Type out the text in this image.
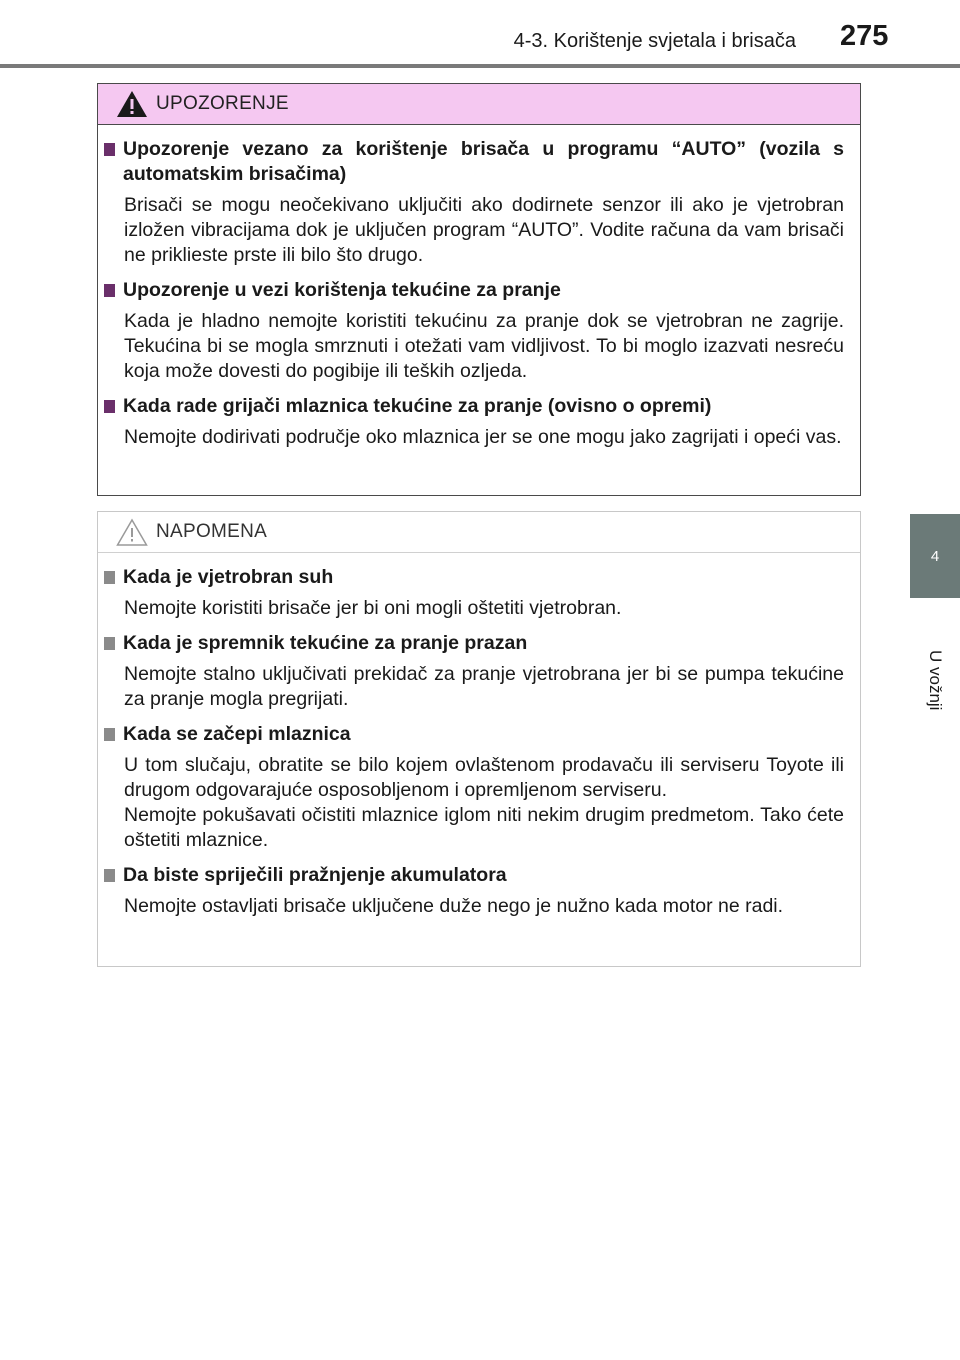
4-3. Korištenje svjetala i brisača 275
4
U vožnji
UPOZORENJE
Upozorenje vezano za korištenje brisača u programu “AUTO” (vozila s automatskim brisačima)
Brisači se mogu neočekivano uključiti ako dodirnete senzor ili ako je vjetrobran izložen vibracijama dok je uključen program “AUTO”. Vodite računa da vam brisači ne priklieste prste ili bilo što drugo.
Upozorenje u vezi korištenja tekućine za pranje
Kada je hladno nemojte koristiti tekućinu za pranje dok se vjetrobran ne zagrije. Tekućina bi se mogla smrznuti i otežati vam vidljivost. To bi moglo izazvati nesreću koja može dovesti do pogibije ili teških ozljeda.
Kada rade grijači mlaznica tekućine za pranje (ovisno o opremi)
Nemojte dodirivati područje oko mlaznica jer se one mogu jako zagrijati i opeći vas.
NAPOMENA
Kada je vjetrobran suh
Nemojte koristiti brisače jer bi oni mogli oštetiti vjetrobran.
Kada je spremnik tekućine za pranje prazan
Nemojte stalno uključivati prekidač za pranje vjetrobrana jer bi se pumpa tekućine za pranje mogla pregrijati.
Kada se začepi mlaznica
U tom slučaju, obratite se bilo kojem ovlaštenom prodavaču ili serviseru Toyote ili drugom odgovarajuće osposobljenom i opremljenom serviseru.
Nemojte pokušavati očistiti mlaznice iglom niti nekim drugim predmetom. Tako ćete oštetiti mlaznice.
Da biste spriječili pražnjenje akumulatora
Nemojte ostavljati brisače uključene duže nego je nužno kada motor ne radi.
